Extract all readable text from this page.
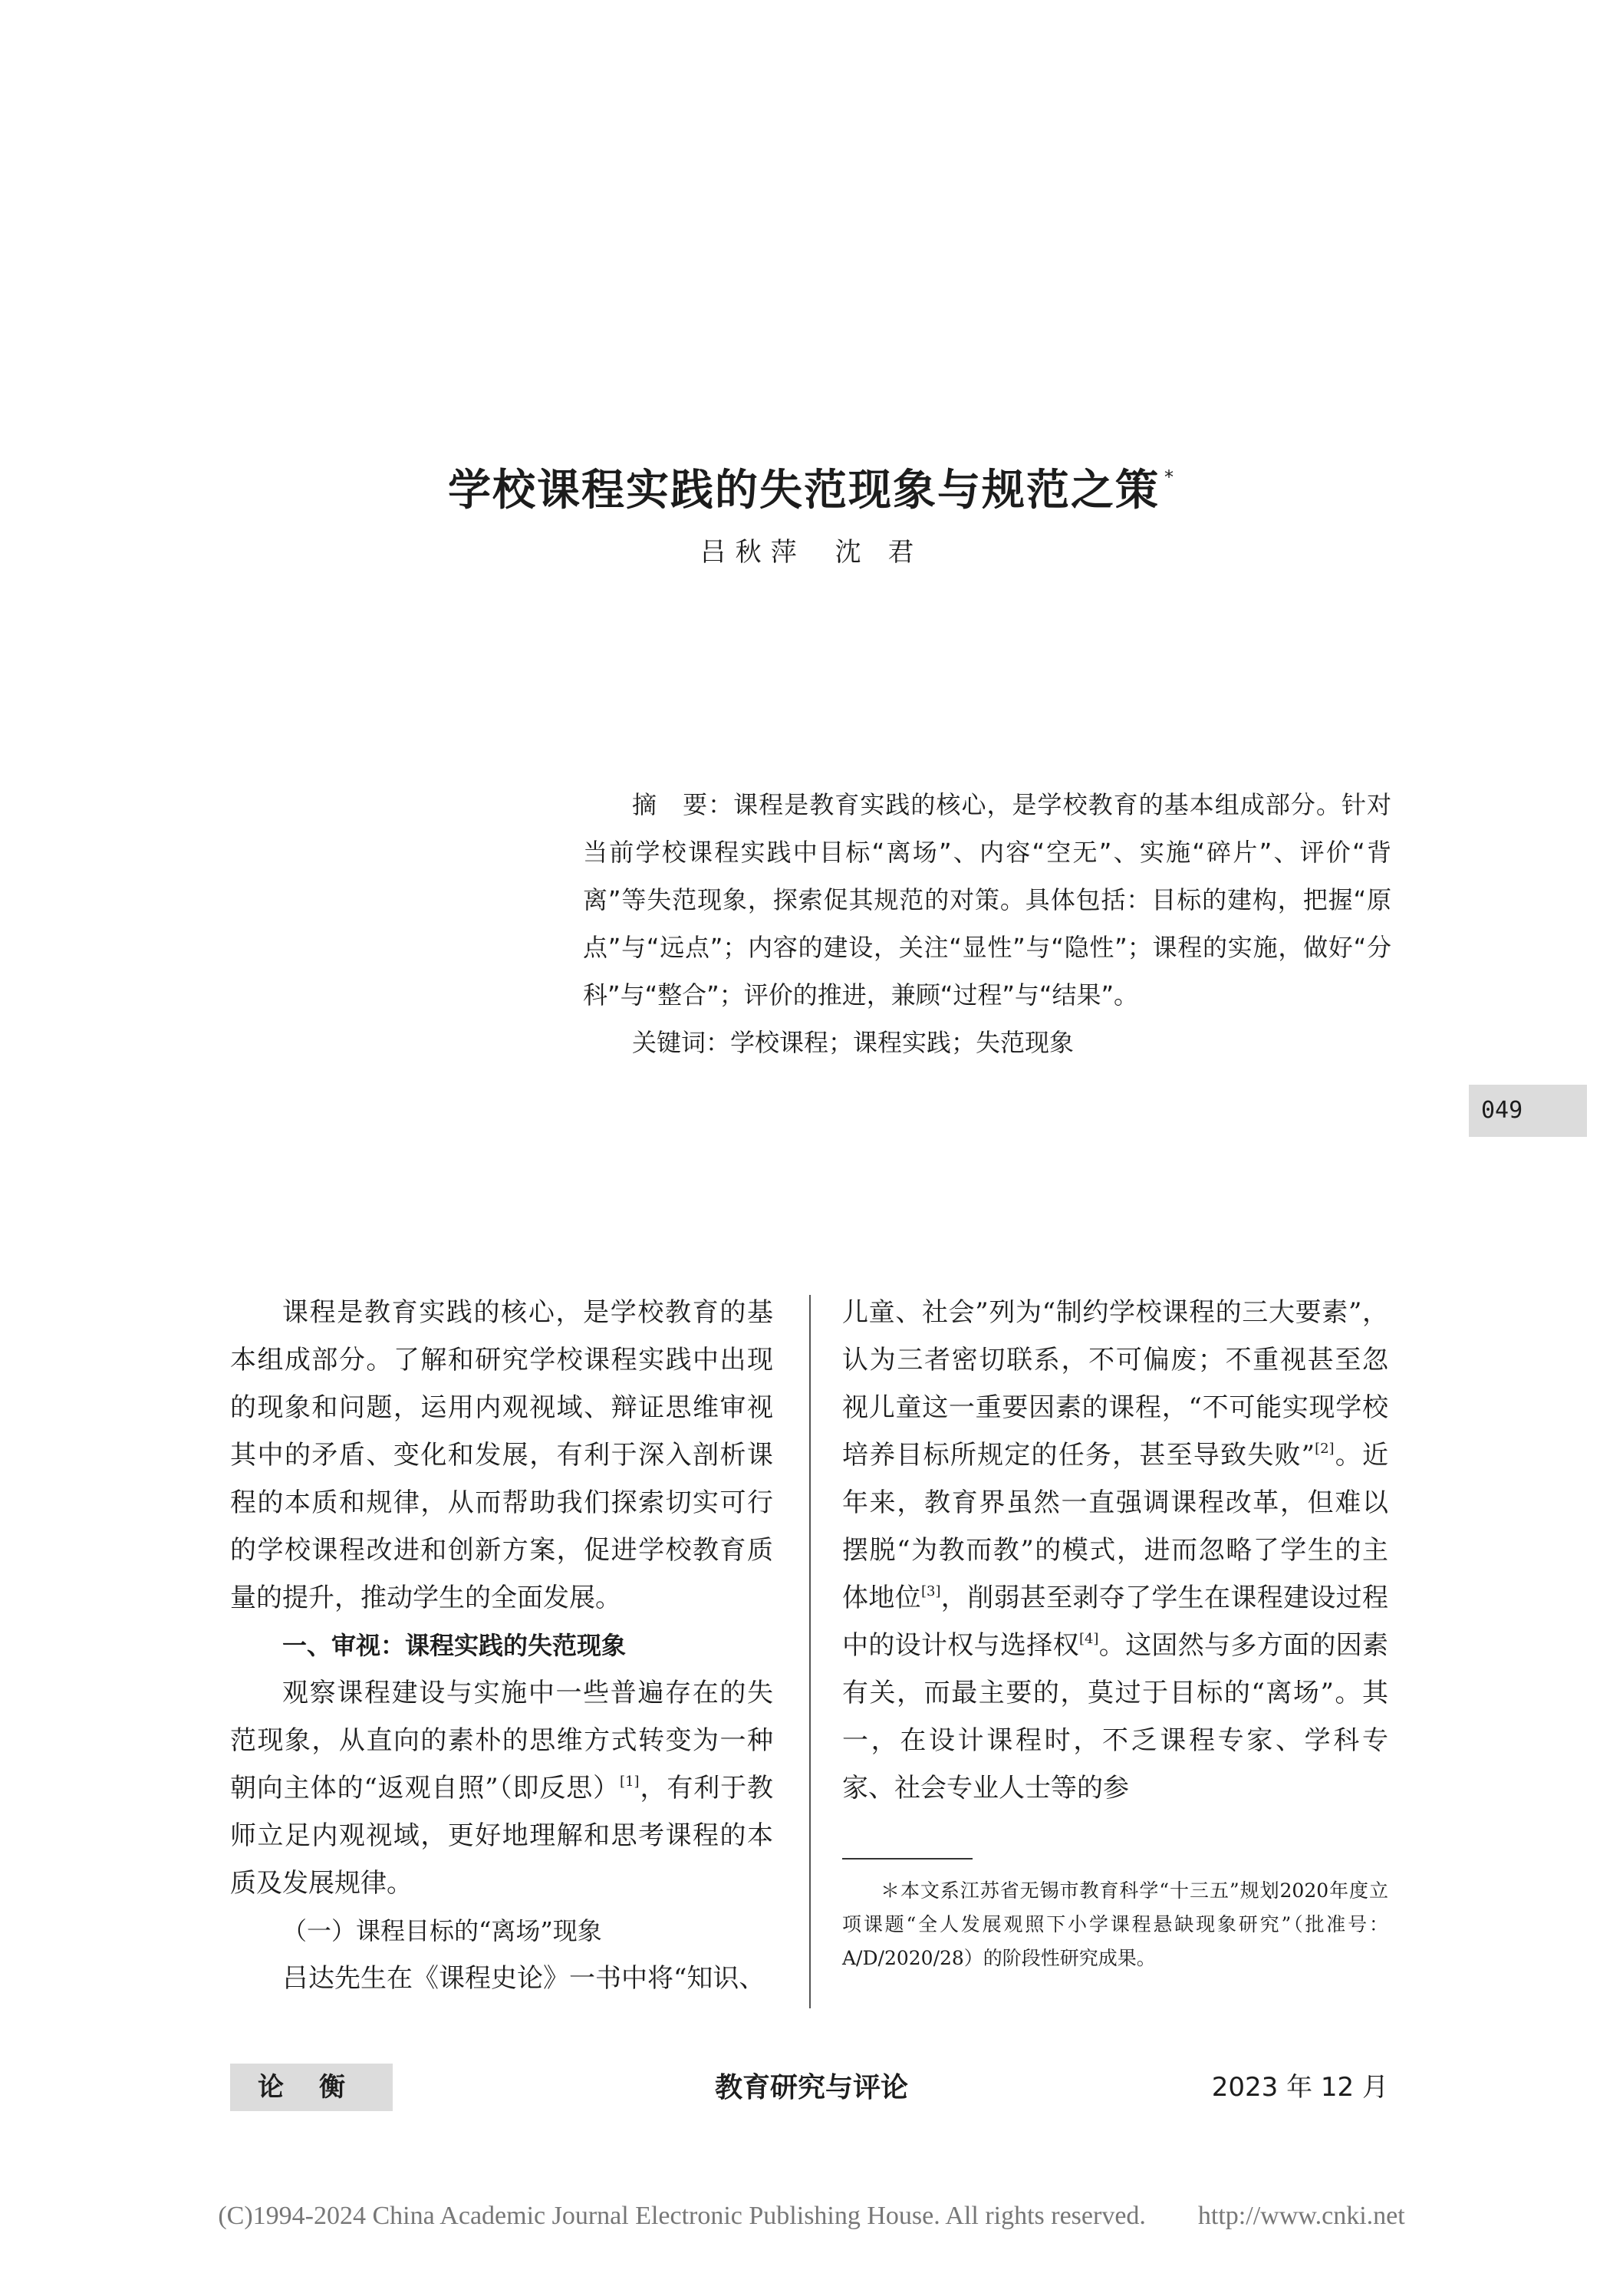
学校课程实践的失范现象与规范之策 *
吕秋萍 沈 君

摘　要：课程是教育实践的核心，是学校教育的基本组成部分。针对当前学校课程实践中目标“离场”、内容“空无”、实施“碎片”、评价“背离”等失范现象，探索促其规范的对策。具体包括：目标的建构，把握“原点”与“远点”；内容的建设，关注“显性”与“隐性”；课程的实施，做好“分科”与“整合”；评价的推进，兼顾“过程”与“结果”。

关键词：学校课程；课程实践；失范现象

049

课程是教育实践的核心，是学校教育的基本组成部分。了解和研究学校课程实践中出现的现象和问题，运用内观视域、辩证思维审视其中的矛盾、变化和发展，有利于深入剖析课程的本质和规律，从而帮助我们探索切实可行的学校课程改进和创新方案，促进学校教育质量的提升，推动学生的全面发展。

一、审视：课程实践的失范现象

观察课程建设与实施中一些普遍存在的失范现象，从直向的素朴的思维方式转变为一种朝向主体的“返观自照”（即反思）[1]，有利于教师立足内观视域，更好地理解和思考课程的本质及发展规律。

（一）课程目标的“离场”现象

吕达先生在《课程史论》一书中将“知识、

儿童、社会”列为“制约学校课程的三大要素”，认为三者密切联系，不可偏废；不重视甚至忽视儿童这一重要因素的课程，“不可能实现学校培养目标所规定的任务，甚至导致失败”[2]。近年来，教育界虽然一直强调课程改革，但难以摆脱“为教而教”的模式，进而忽略了学生的主体地位[3]，削弱甚至剥夺了学生在课程建设过程中的设计权与选择权[4]。这固然与多方面的因素有关，而最主要的，莫过于目标的“离场”。其一，在设计课程时，不乏课程专家、学科专家、社会专业人士等的参

＊本文系江苏省无锡市教育科学“十三五”规划2020年度立项课题“全人发展观照下小学课程悬缺现象研究”（批准号：A/D/2020/28）的阶段性研究成果。

论衡	教育研究与评论	2023 年 12 月
(C)1994-2024 China Academic Journal Electronic Publishing House. All rights reserved.　　http://www.cnki.net
